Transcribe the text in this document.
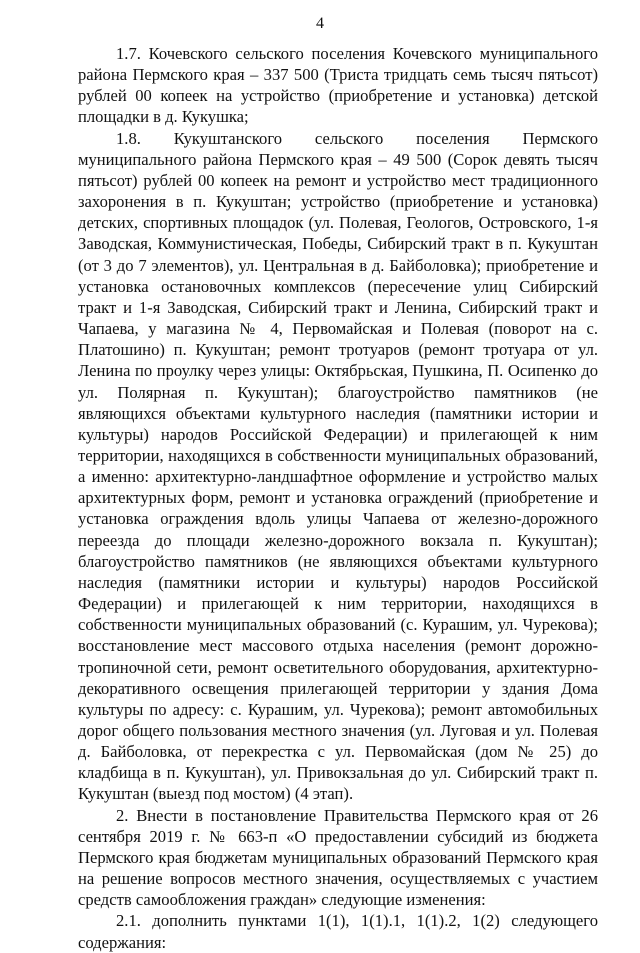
4

1.7. Кочевского сельского поселения Кочевского муниципального района Пермского края – 337 500 (Триста тридцать семь тысяч пятьсот) рублей 00 копеек на устройство (приобретение и установка) детской площадки в д. Кукушка;

1.8. Кукуштанского сельского поселения Пермского муниципального района Пермского края – 49 500 (Сорок девять тысяч пятьсот) рублей 00 копеек на ремонт и устройство мест традиционного захоронения в п. Кукуштан; устройство (приобретение и установка) детских, спортивных площадок (ул. Полевая, Геологов, Островского, 1-я Заводская, Коммунистическая, Победы, Сибирский тракт в п. Кукуштан (от 3 до 7 элементов), ул. Центральная в д. Байболовка); приобретение и установка остановочных комплексов (пересечение улиц Сибирский тракт и 1-я Заводская, Сибирский тракт и Ленина, Сибирский тракт и Чапаева, у магазина № 4, Первомайская и Полевая (поворот на с. Платошино) п. Кукуштан; ремонт тротуаров (ремонт тротуара от ул. Ленина по проулку через улицы: Октябрьская, Пушкина, П. Осипенко до ул. Полярная п. Кукуштан); благоустройство памятников (не являющихся объектами культурного наследия (памятники истории и культуры) народов Российской Федерации) и прилегающей к ним территории, находящихся в собственности муниципальных образований, а именно: архитектурно-ландшафтное оформление и устройство малых архитектурных форм, ремонт и установка ограждений (приобретение и установка ограждения вдоль улицы Чапаева от железно-дорожного переезда до площади железно-дорожного вокзала п. Кукуштан); благоустройство памятников (не являющихся объектами культурного наследия (памятники истории и культуры) народов Российской Федерации) и прилегающей к ним территории, находящихся в собственности муниципальных образований (с. Курашим, ул. Чурекова); восстановление мест массового отдыха населения (ремонт дорожно-тропиночной сети, ремонт осветительного оборудования, архитектурно-декоративного освещения прилегающей территории у здания Дома культуры по адресу: с. Курашим, ул. Чурекова); ремонт автомобильных дорог общего пользования местного значения (ул. Луговая и ул. Полевая д. Байболовка, от перекрестка с ул. Первомайская (дом № 25) до кладбища в п. Кукуштан), ул. Привокзальная до ул. Сибирский тракт п. Кукуштан (выезд под мостом) (4 этап).

2. Внести в постановление Правительства Пермского края от 26 сентября 2019 г. № 663-п «О предоставлении субсидий из бюджета Пермского края бюджетам муниципальных образований Пермского края на решение вопросов местного значения, осуществляемых с участием средств самообложения граждан» следующие изменения:

2.1. дополнить пунктами 1(1), 1(1).1, 1(1).2, 1(2) следующего содержания:
